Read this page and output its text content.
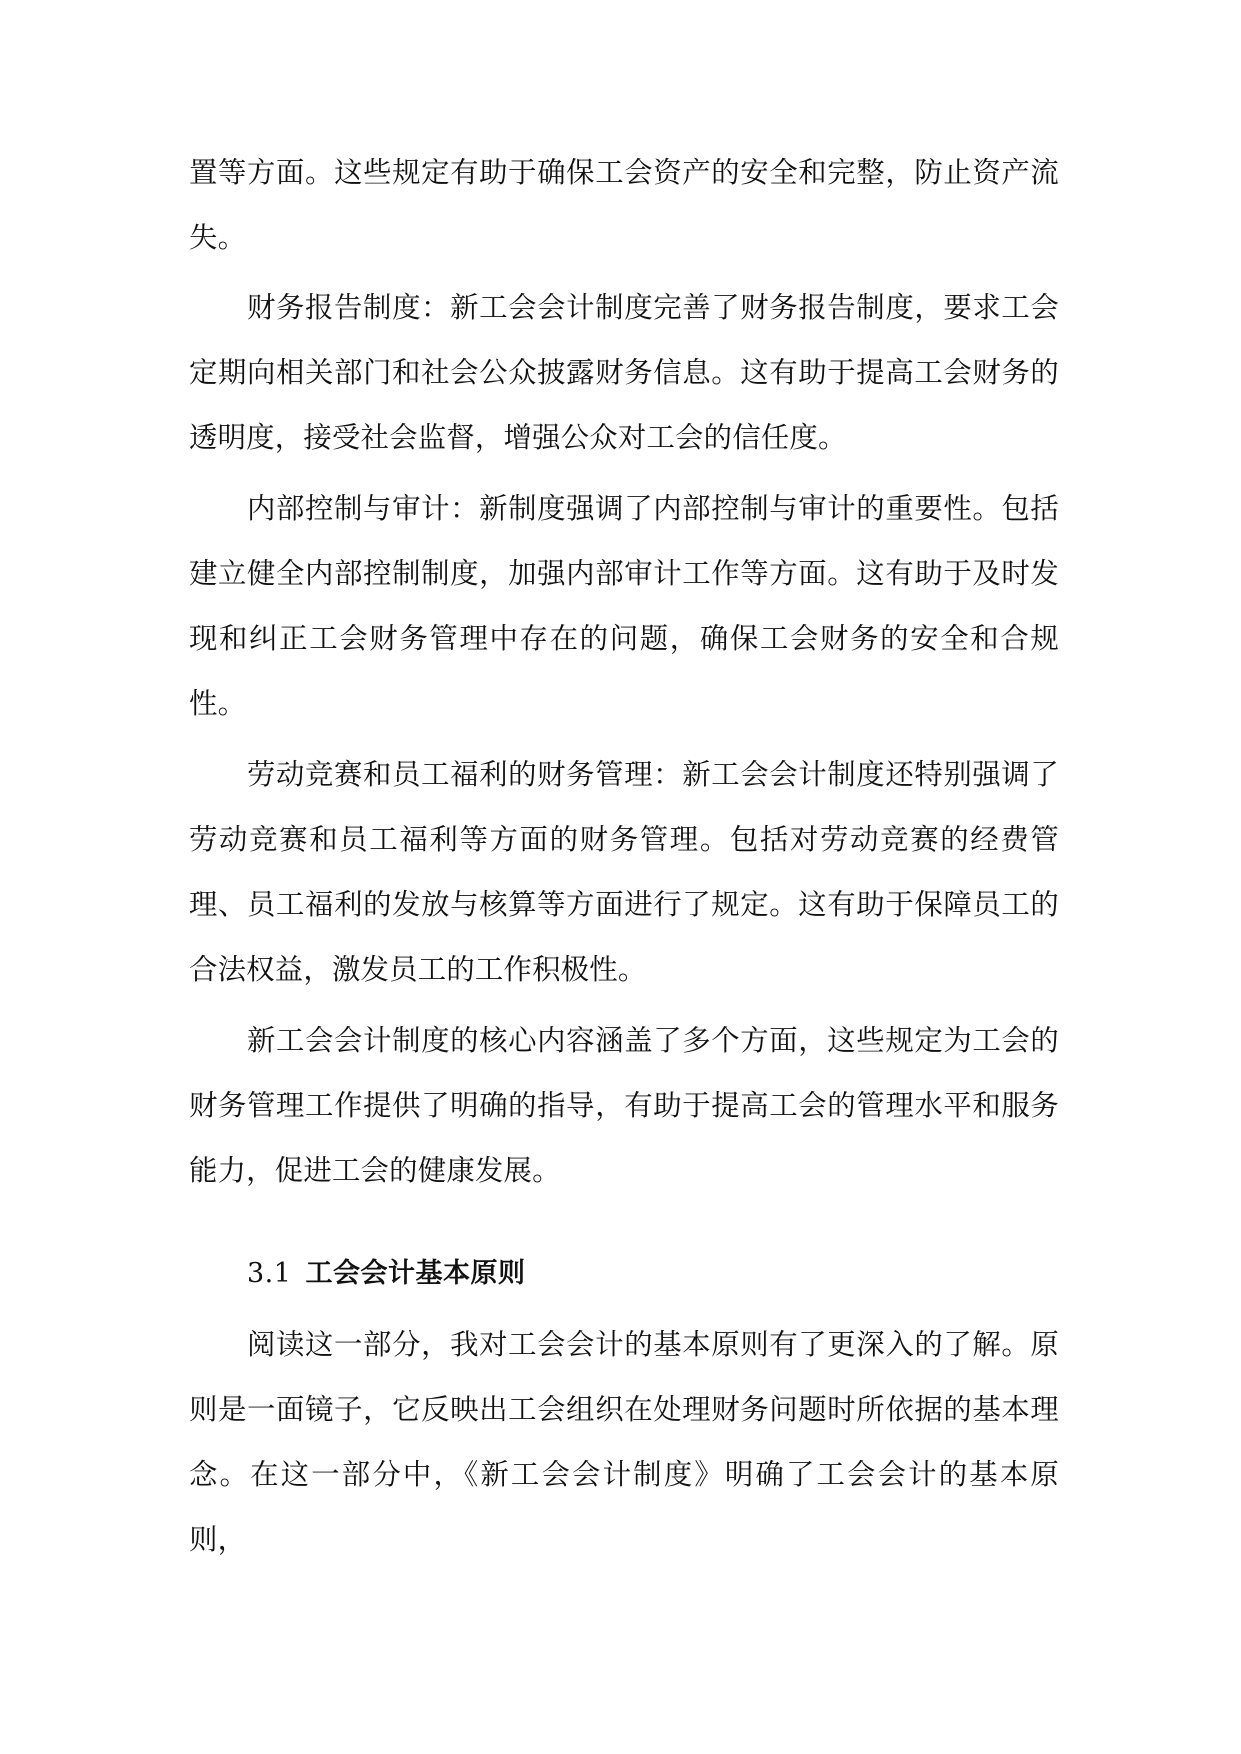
置等方面。这些规定有助于确保工会资产的安全和完整，防止资产流失。

财务报告制度：新工会会计制度完善了财务报告制度，要求工会定期向相关部门和社会公众披露财务信息。这有助于提高工会财务的透明度，接受社会监督，增强公众对工会的信任度。

内部控制与审计：新制度强调了内部控制与审计的重要性。包括建立健全内部控制制度，加强内部审计工作等方面。这有助于及时发现和纠正工会财务管理中存在的问题，确保工会财务的安全和合规性。

劳动竞赛和员工福利的财务管理：新工会会计制度还特别强调了劳动竞赛和员工福利等方面的财务管理。包括对劳动竞赛的经费管理、员工福利的发放与核算等方面进行了规定。这有助于保障员工的合法权益，激发员工的工作积极性。

新工会会计制度的核心内容涵盖了多个方面，这些规定为工会的财务管理工作提供了明确的指导，有助于提高工会的管理水平和服务能力，促进工会的健康发展。

3.1 工会会计基本原则

阅读这一部分，我对工会会计的基本原则有了更深入的了解。原则是一面镜子，它反映出工会组织在处理财务问题时所依据的基本理念。在这一部分中，《新工会会计制度》明确了工会会计的基本原则，
